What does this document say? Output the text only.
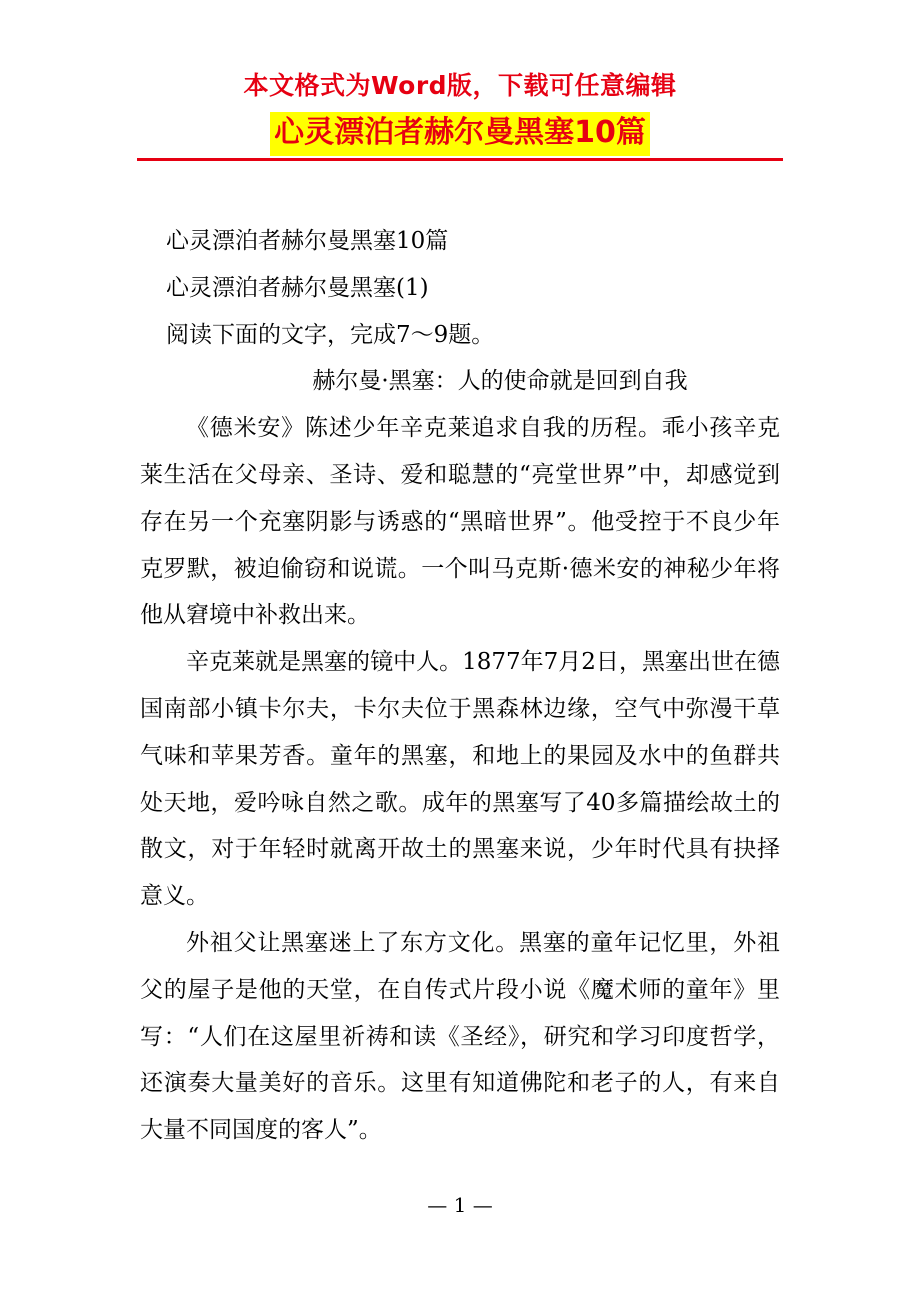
本文格式为Word版，下载可任意编辑
心灵漂泊者赫尔曼黑塞10篇

心灵漂泊者赫尔曼黑塞10篇

心灵漂泊者赫尔曼黑塞(1)

阅读下面的文字，完成7～9题。

赫尔曼·黑塞：人的使命就是回到自我

《德米安》陈述少年辛克莱追求自我的历程。乖小孩辛克莱生活在父母亲、圣诗、爱和聪慧的“亮堂世界”中，却感觉到存在另一个充塞阴影与诱惑的“黑暗世界”。他受控于不良少年克罗默，被迫偷窃和说谎。一个叫马克斯·德米安的神秘少年将他从窘境中补救出来。

辛克莱就是黑塞的镜中人。1877年7月2日，黑塞出世在德国南部小镇卡尔夫，卡尔夫位于黑森林边缘，空气中弥漫干草气味和苹果芳香。童年的黑塞，和地上的果园及水中的鱼群共处天地，爱吟咏自然之歌。成年的黑塞写了40多篇描绘故土的散文，对于年轻时就离开故土的黑塞来说，少年时代具有抉择意义。

外祖父让黑塞迷上了东方文化。黑塞的童年记忆里，外祖父的屋子是他的天堂，在自传式片段小说《魔术师的童年》里写：“人们在这屋里祈祷和读《圣经》，研究和学习印度哲学，还演奏大量美好的音乐。这里有知道佛陀和老子的人，有来自大量不同国度的客人”。

— 1 —
